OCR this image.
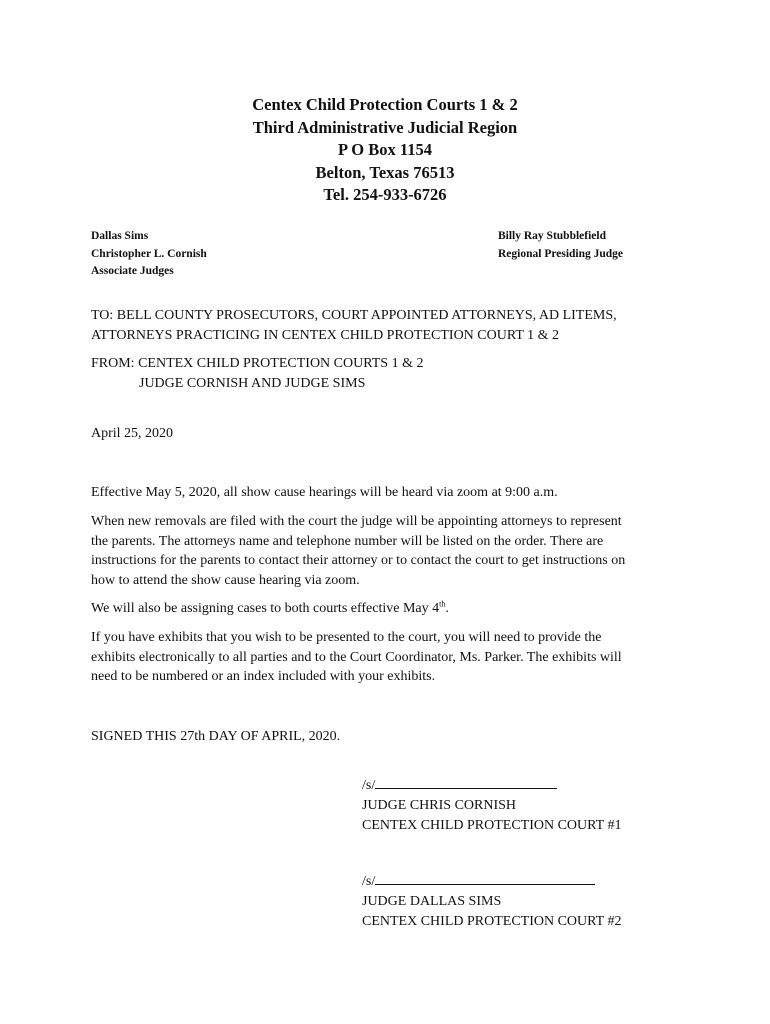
Centex Child Protection Courts 1 & 2
Third Administrative Judicial Region
P O Box 1154
Belton, Texas 76513
Tel. 254-933-6726
Dallas Sims
Christopher L. Cornish
Associate Judges
Billy Ray Stubblefield
Regional Presiding Judge
TO: BELL COUNTY PROSECUTORS, COURT APPOINTED ATTORNEYS, AD LITEMS,
ATTORNEYS PRACTICING IN CENTEX CHILD PROTECTION COURT 1 & 2
FROM: CENTEX CHILD PROTECTION COURTS 1 & 2
JUDGE CORNISH AND JUDGE SIMS
April 25, 2020
Effective May 5, 2020, all show cause hearings will be heard via zoom at 9:00 a.m.
When new removals are filed with the court the judge will be appointing attorneys to represent
the parents. The attorneys name and telephone number will be listed on the order. There are
instructions for the parents to contact their attorney or to contact the court to get instructions on
how to attend the show cause hearing via zoom.
We will also be assigning cases to both courts effective May 4th.
If you have exhibits that you wish to be presented to the court, you will need to provide the
exhibits electronically to all parties and to the Court Coordinator, Ms. Parker. The exhibits will
need to be numbered or an index included with your exhibits.
SIGNED THIS 27th DAY OF APRIL, 2020.
/s/
JUDGE CHRIS CORNISH
CENTEX CHILD PROTECTION COURT #1
/s/
JUDGE DALLAS SIMS
CENTEX CHILD PROTECTION COURT #2
